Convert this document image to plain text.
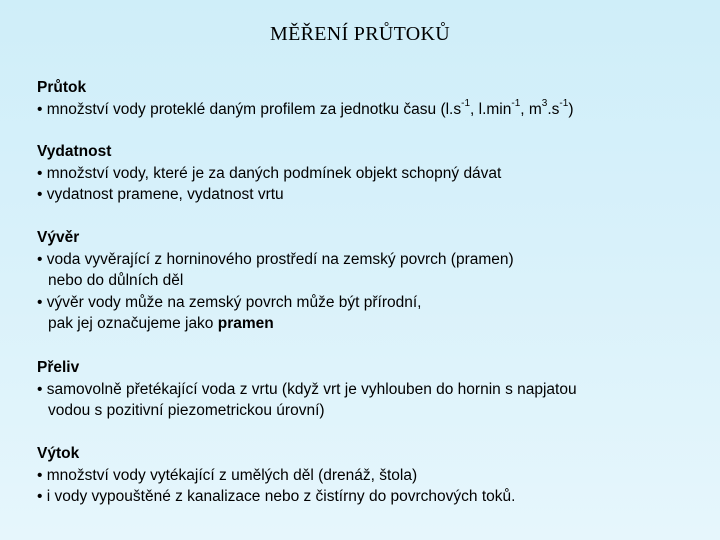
MĚŘENÍ PRŮTOKŮ
Průtok
• množství vody proteklé daným profilem za jednotku času ($l.s^{-1}$, $l.\min^{-1}$, $m^3.s^{-1}$)
Vydatnost
• množství vody, které je za daných podmínek objekt schopný dávat
• vydatnost pramene, vydatnost vrtu
Vývěr
• voda vyvěrající z horninového prostředí na zemský povrch (pramen)
nebo do důlních děl
• vývěr vody může na zemský povrch může být přírodní,
pak jej označujeme jako pramen
Přeliv
• samovolně přetékající voda z vrtu (když vrt je vyhlouben do hornin s napjatou
vodou s pozitivní piezometrickou úrovní)
Výtok
• množství vody vytékající z umělých děl (drenáž, štola)
• i vody vypouštěné z kanalizace nebo z čistírny do povrchových toků.
